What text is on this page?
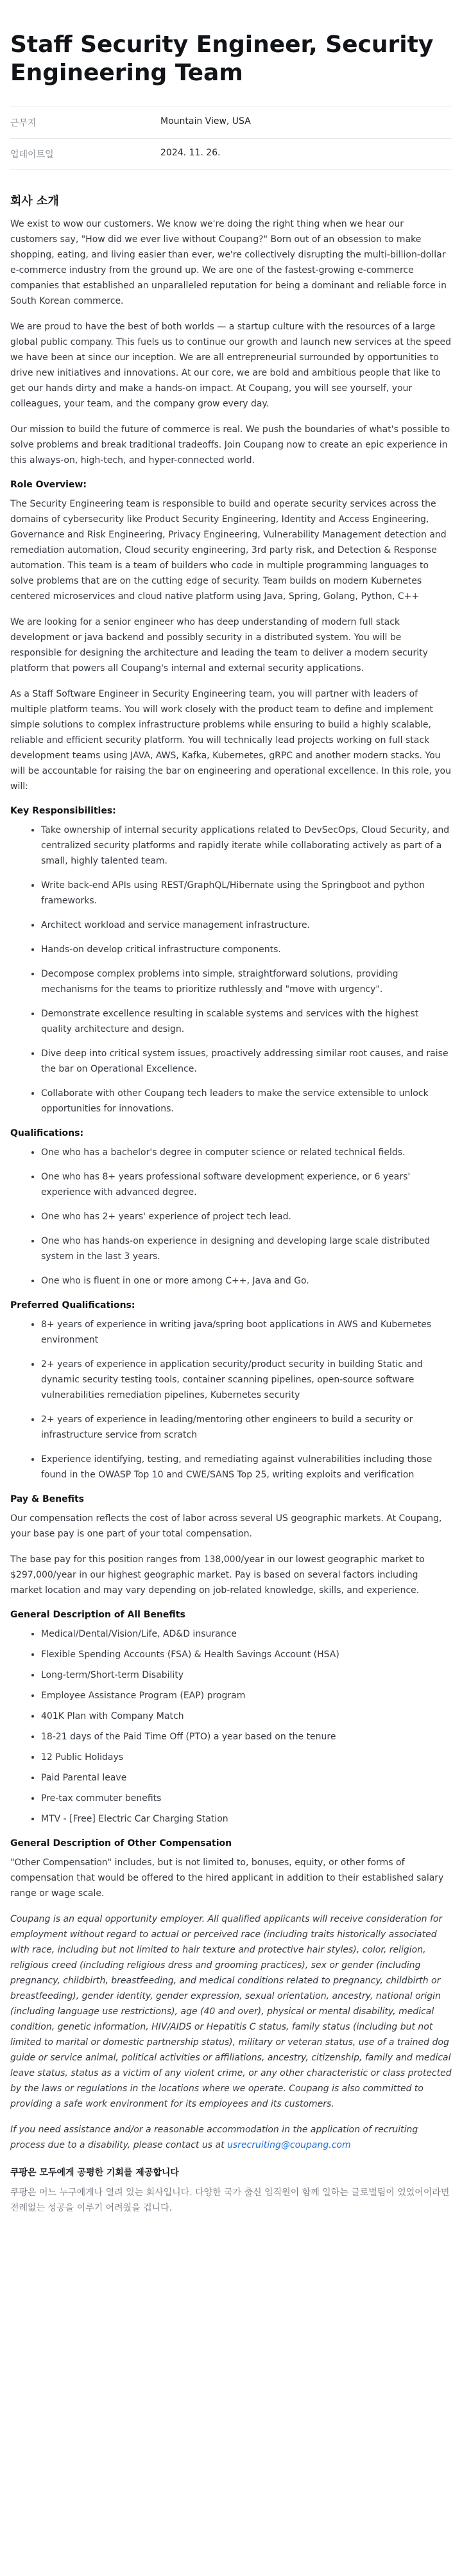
Staff Security Engineer, Security Engineering Team
근무지	Mountain View, USA
업데이트일	2024. 11. 26.
회사 소개

We exist to wow our customers. We know we're doing the right thing when we hear our customers say, "How did we ever live without Coupang?" Born out of an obsession to make shopping, eating, and living easier than ever, we're collectively disrupting the multi-billion-dollar e-commerce industry from the ground up. We are one of the fastest-growing e-commerce companies that established an unparalleled reputation for being a dominant and reliable force in South Korean commerce.

We are proud to have the best of both worlds — a startup culture with the resources of a large global public company. This fuels us to continue our growth and launch new services at the speed we have been at since our inception. We are all entrepreneurial surrounded by opportunities to drive new initiatives and innovations. At our core, we are bold and ambitious people that like to get our hands dirty and make a hands-on impact. At Coupang, you will see yourself, your colleagues, your team, and the company grow every day.

Our mission to build the future of commerce is real. We push the boundaries of what's possible to solve problems and break traditional tradeoffs. Join Coupang now to create an epic experience in this always-on, high-tech, and hyper-connected world.

Role Overview:

The Security Engineering team is responsible to build and operate security services across the domains of cybersecurity like Product Security Engineering, Identity and Access Engineering, Governance and Risk Engineering, Privacy Engineering, Vulnerability Management detection and remediation automation, Cloud security engineering, 3rd party risk, and Detection & Response automation. This team is a team of builders who code in multiple programming languages to solve problems that are on the cutting edge of security. Team builds on modern Kubernetes centered microservices and cloud native platform using Java, Spring, Golang, Python, C++

We are looking for a senior engineer who has deep understanding of modern full stack development or java backend and possibly security in a distributed system. You will be responsible for designing the architecture and leading the team to deliver a modern security platform that powers all Coupang's internal and external security applications.

As a Staff Software Engineer in Security Engineering team, you will partner with leaders of multiple platform teams. You will work closely with the product team to define and implement simple solutions to complex infrastructure problems while ensuring to build a highly scalable, reliable and efficient security platform. You will technically lead projects working on full stack development teams using JAVA, AWS, Kafka, Kubernetes, gRPC and another modern stacks. You will be accountable for raising the bar on engineering and operational excellence. In this role, you will:

Key Responsibilities:
• Take ownership of internal security applications related to DevSecOps, Cloud Security, and centralized security platforms and rapidly iterate while collaborating actively as part of a small, highly talented team.
• Write back-end APIs using REST/GraphQL/Hibernate using the Springboot and python frameworks.
• Architect workload and service management infrastructure.
• Hands-on develop critical infrastructure components.
• Decompose complex problems into simple, straightforward solutions, providing mechanisms for the teams to prioritize ruthlessly and "move with urgency".
• Demonstrate excellence resulting in scalable systems and services with the highest quality architecture and design.
• Dive deep into critical system issues, proactively addressing similar root causes, and raise the bar on Operational Excellence.
• Collaborate with other Coupang tech leaders to make the service extensible to unlock opportunities for innovations.
Qualifications:
• One who has a bachelor's degree in computer science or related technical fields.
• One who has 8+ years professional software development experience, or 6 years' experience with advanced degree.
• One who has 2+ years' experience of project tech lead.
• One who has hands-on experience in designing and developing large scale distributed system in the last 3 years.
• One who is fluent in one or more among C++, Java and Go.
Preferred Qualifications:
• 8+ years of experience in writing java/spring boot applications in AWS and Kubernetes environment
• 2+ years of experience in application security/product security in building Static and dynamic security testing tools, container scanning pipelines, open-source software vulnerabilities remediation pipelines, Kubernetes security
• 2+ years of experience in leading/mentoring other engineers to build a security or infrastructure service from scratch
• Experience identifying, testing, and remediating against vulnerabilities including those found in the OWASP Top 10 and CWE/SANS Top 25, writing exploits and verification
Pay & Benefits

Our compensation reflects the cost of labor across several US geographic markets. At Coupang, your base pay is one part of your total compensation.

The base pay for this position ranges from 138,000/year in our lowest geographic market to $297,000/year in our highest geographic market. Pay is based on several factors including market location and may vary depending on job-related knowledge, skills, and experience.

General Description of All Benefits
• Medical/Dental/Vision/Life, AD&D insurance
• Flexible Spending Accounts (FSA) & Health Savings Account (HSA)
• Long-term/Short-term Disability
• Employee Assistance Program (EAP) program
• 401K Plan with Company Match
• 18-21 days of the Paid Time Off (PTO) a year based on the tenure
• 12 Public Holidays
• Paid Parental leave
• Pre-tax commuter benefits
• MTV - [Free] Electric Car Charging Station
General Description of Other Compensation

"Other Compensation" includes, but is not limited to, bonuses, equity, or other forms of compensation that would be offered to the hired applicant in addition to their established salary range or wage scale.

Coupang is an equal opportunity employer. All qualified applicants will receive consideration for employment without regard to actual or perceived race (including traits historically associated with race, including but not limited to hair texture and protective hair styles), color, religion, religious creed (including religious dress and grooming practices), sex or gender (including pregnancy, childbirth, breastfeeding, and medical conditions related to pregnancy, childbirth or breastfeeding), gender identity, gender expression, sexual orientation, ancestry, national origin (including language use restrictions), age (40 and over), physical or mental disability, medical condition, genetic information, HIV/AIDS or Hepatitis C status, family status (including but not limited to marital or domestic partnership status), military or veteran status, use of a trained dog guide or service animal, political activities or affiliations, ancestry, citizenship, family and medical leave status, status as a victim of any violent crime, or any other characteristic or class protected by the laws or regulations in the locations where we operate. Coupang is also committed to providing a safe work environment for its employees and its customers.

If you need assistance and/or a reasonable accommodation in the application of recruiting process due to a disability, please contact us at usrecruiting@coupang.com

쿠팡은 모두에게 공평한 기회를 제공합니다

쿠팡은 어느 누구에게나 열려 있는 회사입니다. 다양한 국가 출신 임직원이 함께 일하는 글로벌팀이 었었어이라면 전례없는 성공을 이루기 어려웠을 겁니다.
